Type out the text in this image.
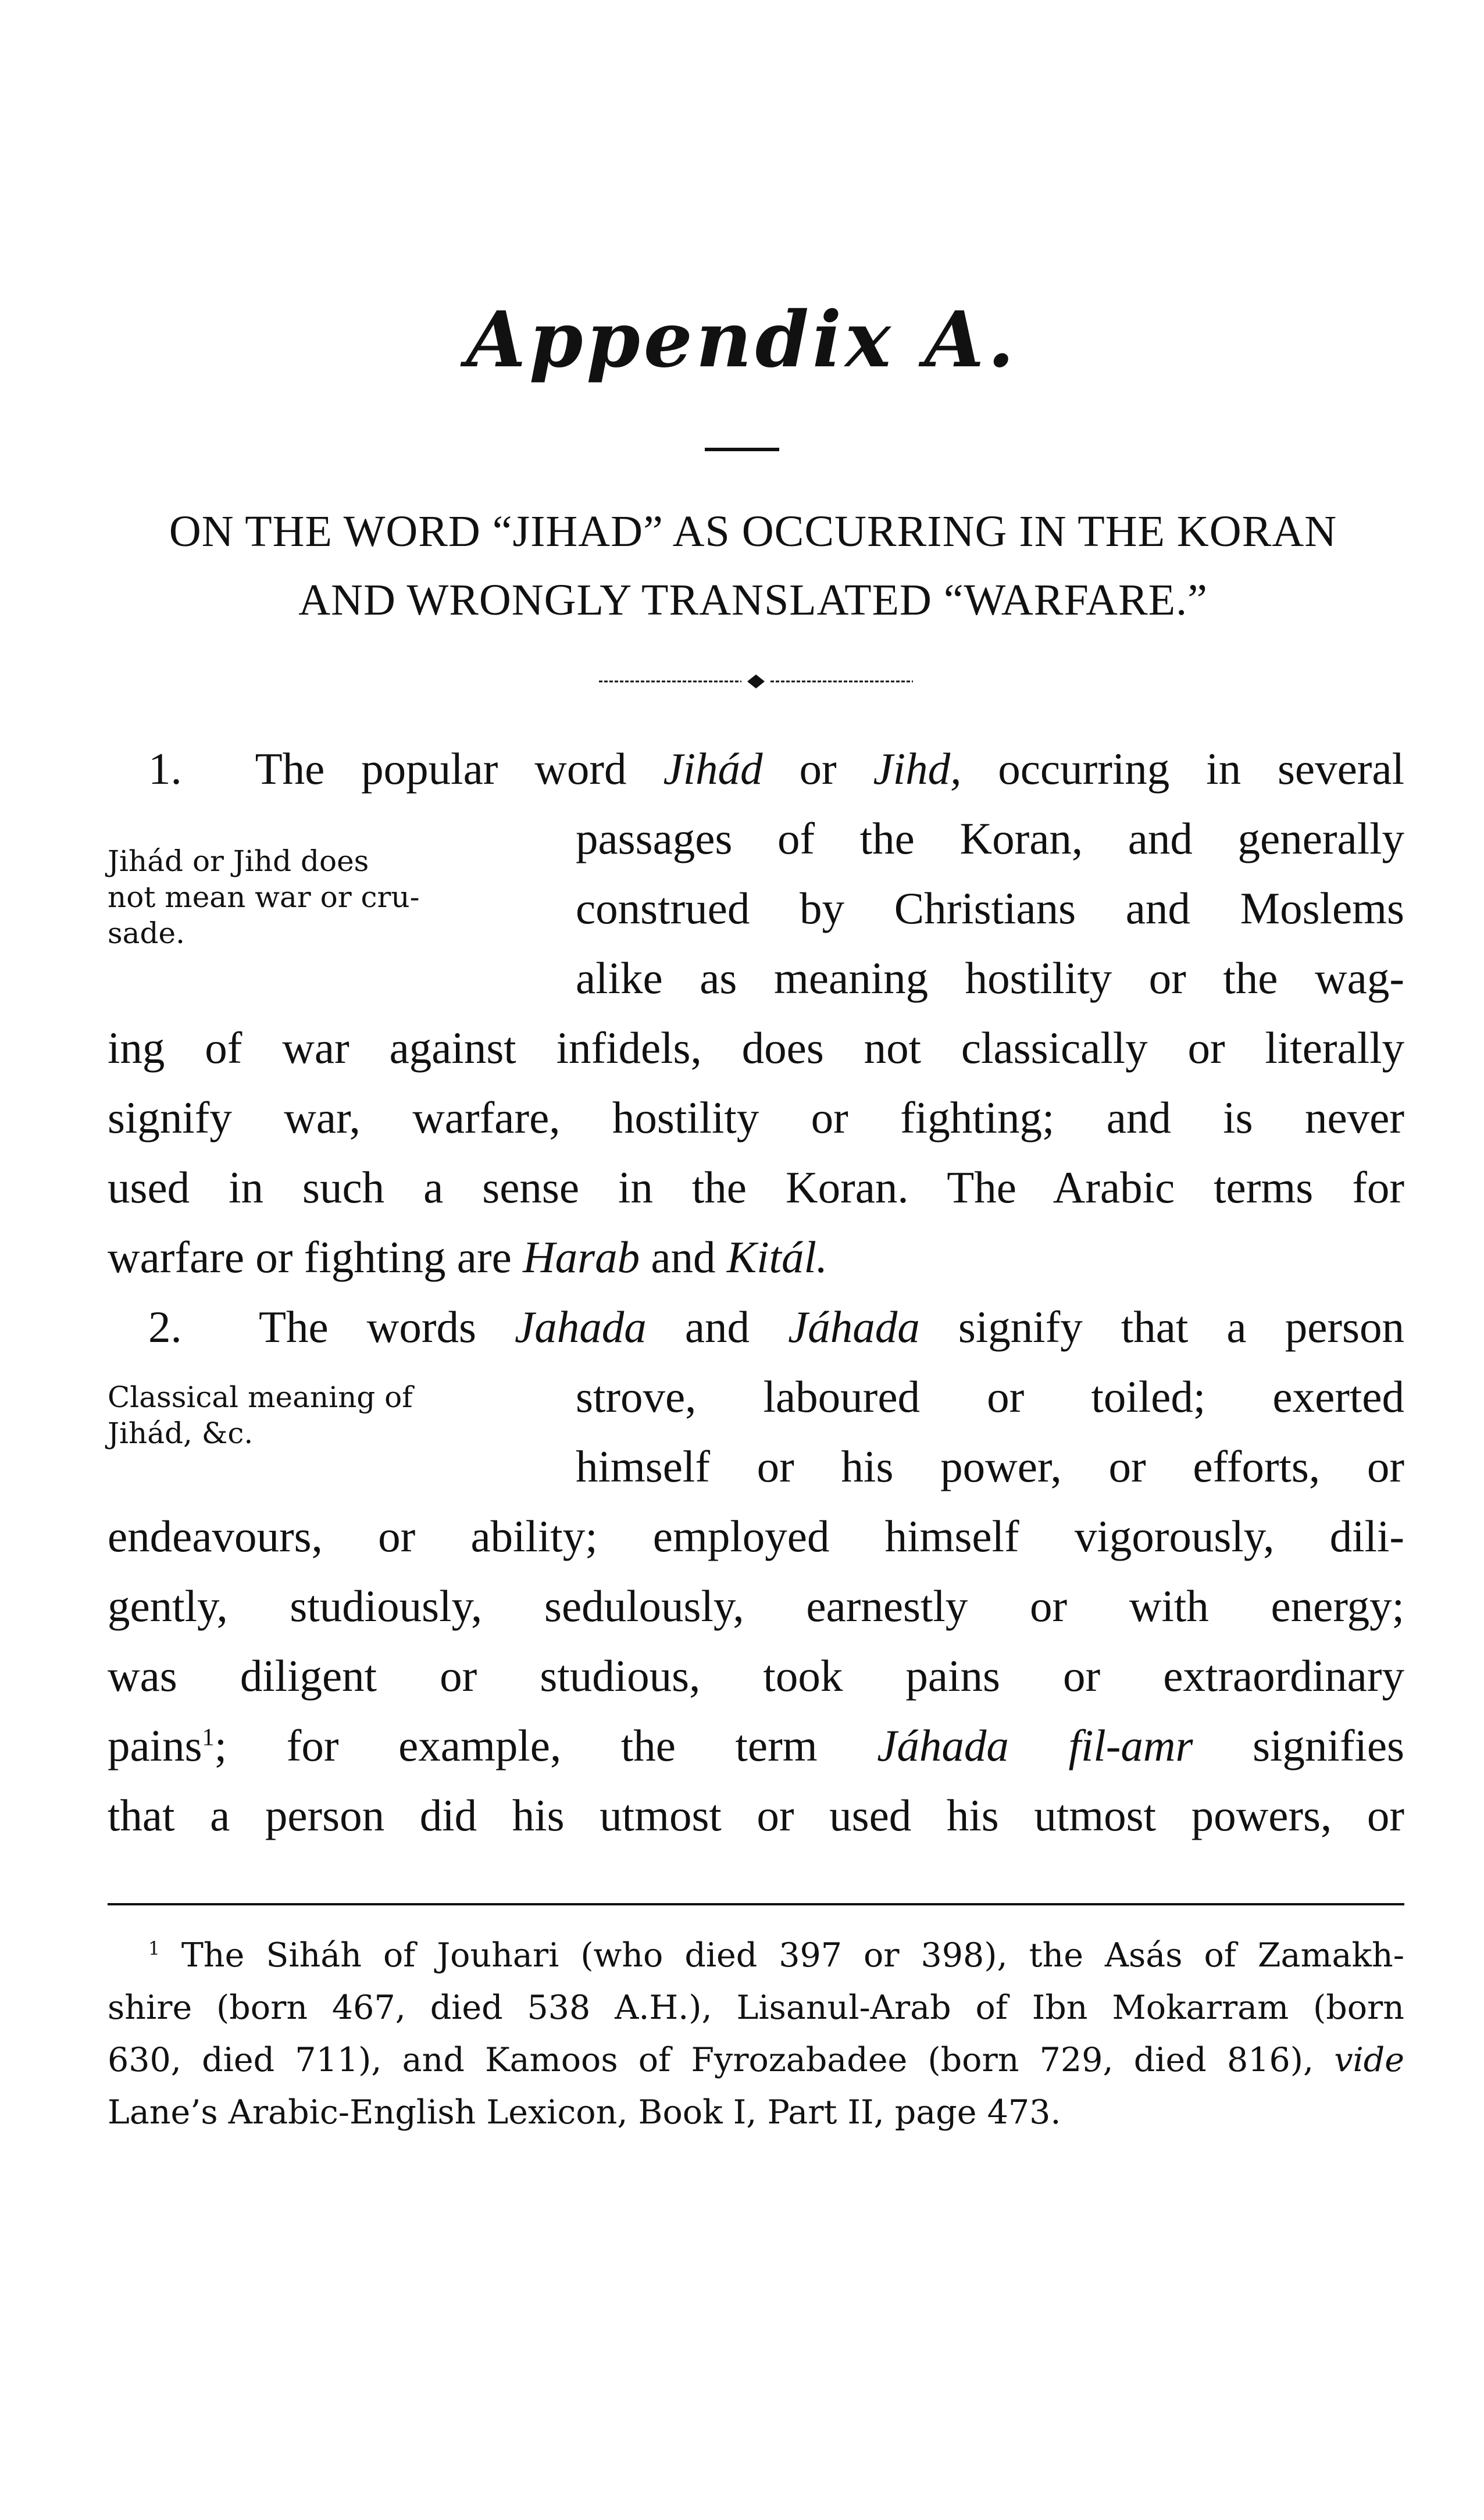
Appendix A.
ON THE WORD “JIHAD” AS OCCURRING IN THE KORAN
AND WRONGLY TRANSLATED “WARFARE.”
1. The popular word Jihád or Jihd, occurring in several
Jihád or Jihd does
not mean war or cru-
sade.
passages of the Koran, and generally
construed by Christians and Moslems
alike as meaning hostility or the wag-
ing of war against infidels, does not classically or literally
signify war, warfare, hostility or fighting; and is never
used in such a sense in the Koran. The Arabic terms for
warfare or fighting are Harab and Kitál.
2. The words Jahada and Jáhada signify that a person
Classical meaning of
Jihád, &c.
strove, laboured or toiled; exerted
himself or his power, or efforts, or
endeavours, or ability; employed himself vigorously, dili-
gently, studiously, sedulously, earnestly or with energy;
was diligent or studious, took pains or extraordinary
pains$^1$; for example, the term Jáhada fil-amr signifies
that a person did his utmost or used his utmost powers, or
$^1$ The Siháh of Jouhari (who died 397 or 398), the Asás of Zamakh-
shire (born 467, died 538 A.H.), Lisanul-Arab of Ibn Mokarram (born
630, died 711), and Kamoos of Fyrozabadee (born 729, died 816), vide
Lane’s Arabic-English Lexicon, Book I, Part II, page 473.
